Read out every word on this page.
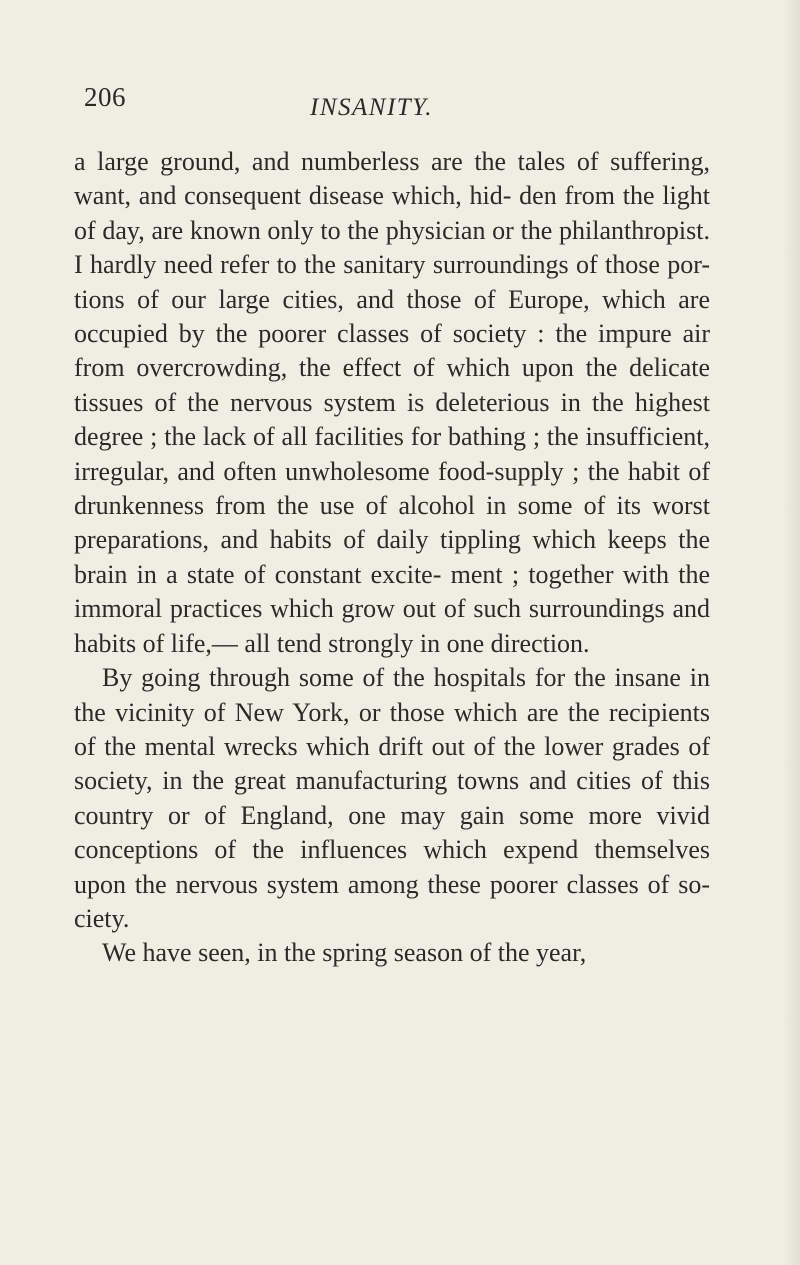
206	INSANITY.

a large ground, and numberless are the tales of suffering, want, and consequent disease which, hid- den from the light of day, are known only to the physician or the philanthropist. I hardly need refer to the sanitary surroundings of those por- tions of our large cities, and those of Europe, which are occupied by the poorer classes of society : the impure air from overcrowding, the effect of which upon the delicate tissues of the nervous system is deleterious in the highest degree ; the lack of all facilities for bathing ; the insufficient, irregular, and often unwholesome food-supply ; the habit of drunkenness from the use of alcohol in some of its worst preparations, and habits of daily tippling which keeps the brain in a state of constant excite- ment ; together with the immoral practices which grow out of such surroundings and habits of life,— all tend strongly in one direction.

By going through some of the hospitals for the insane in the vicinity of New York, or those which are the recipients of the mental wrecks which drift out of the lower grades of society, in the great manufacturing towns and cities of this country or of England, one may gain some more vivid conceptions of the influences which expend themselves upon the nervous system among these poorer classes of so- ciety.

We have seen, in the spring season of the year,
